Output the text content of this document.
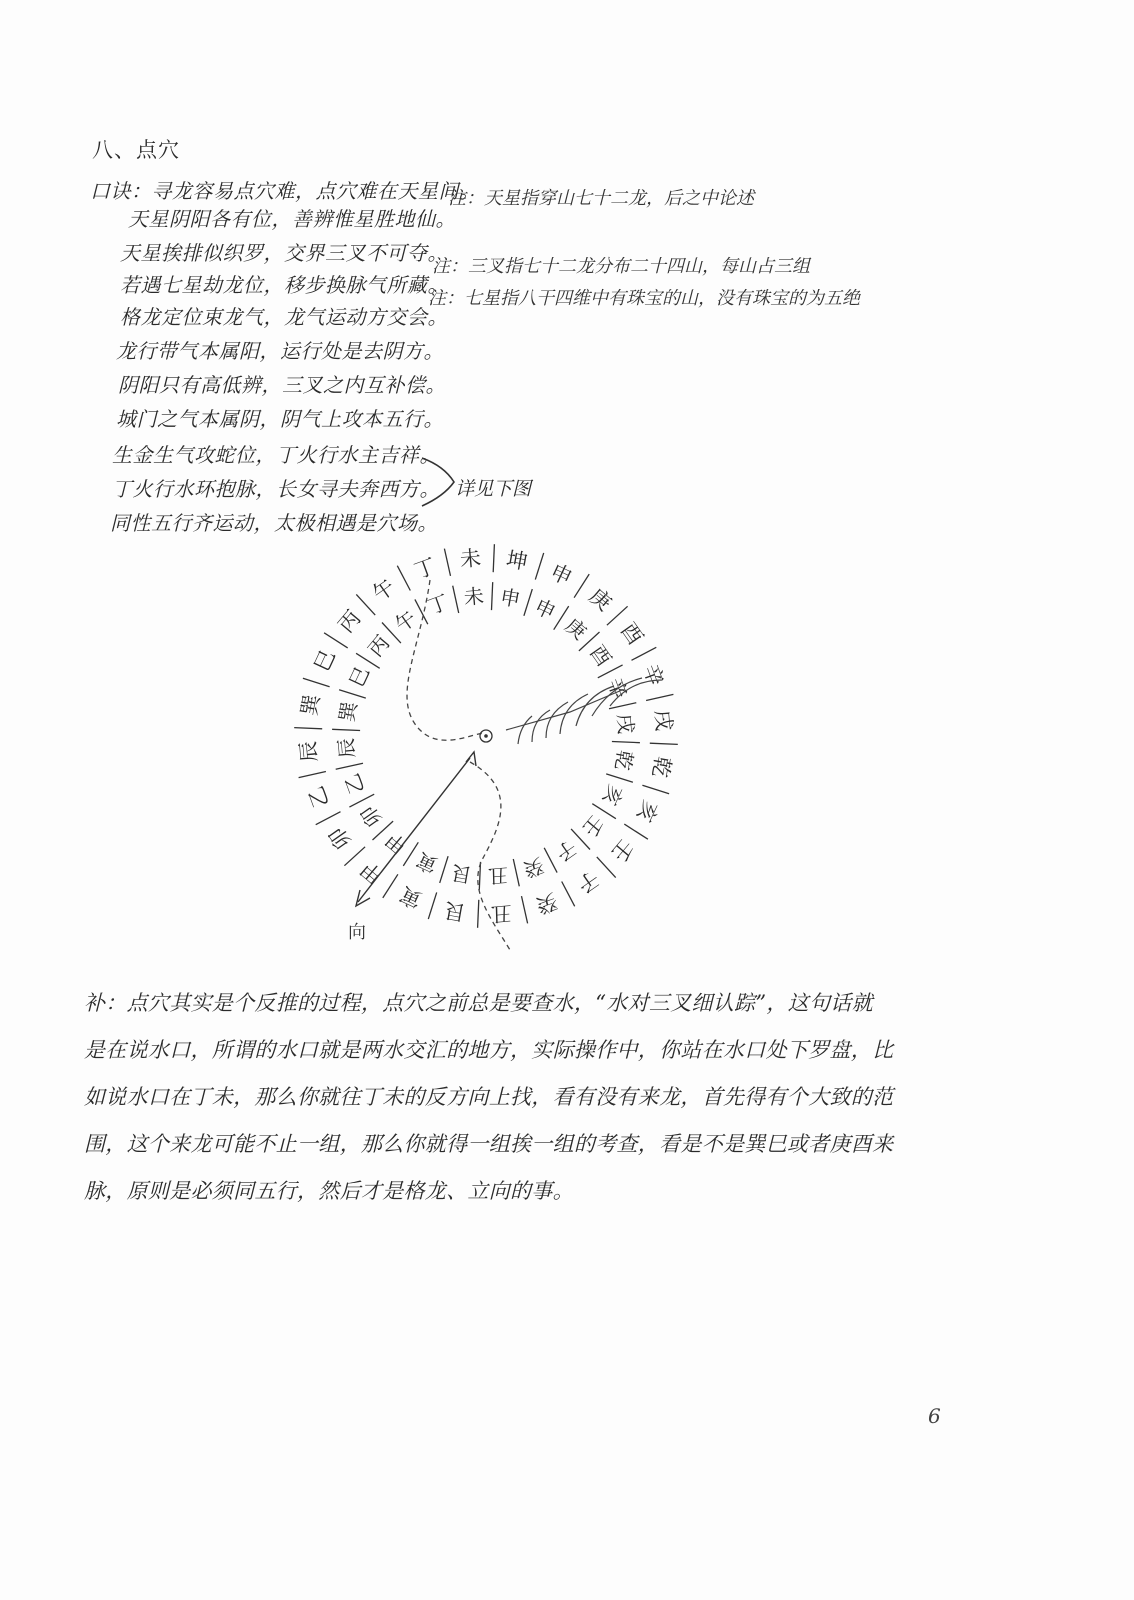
八、点穴
口诀：寻龙容易点穴难，点穴难在天星间。
天星阴阳各有位，善辨惟星胜地仙。
天星挨排似织罗，交界三叉不可夺。
若遇七星劫龙位，移步换脉气所藏。
格龙定位束龙气，龙气运动方交会。
龙行带气本属阳，运行处是去阴方。
阴阳只有高低辨，三叉之内互补偿。
城门之气本属阴，阴气上攻本五行。
生金生气攻蛇位，丁火行水主吉祥。
丁火行水环抱脉，长女寻夫奔西方。
同性五行齐运动，太极相遇是穴场。
注：天星指穿山七十二龙，后之中论述
注：三叉指七十二龙分布二十四山，每山占三组
注：七星指八干四维中有珠宝的山，没有珠宝的为五绝
详见下图
坤 申
庚
酉
辛
戌
乾
亥
壬
子
癸
丑
艮
寅
甲
卯
乙
辰
巽
巳
丙
午
丁 未
申 申
庚
酉
辛
戌
乾
亥
壬
子
癸
丑
艮
寅
甲
卯
乙
辰
巽
巳
丙
午
丁 未
向
补：点穴其实是个反推的过程，点穴之前总是要查水，“水对三叉细认踪”，这句话就
是在说水口，所谓的水口就是两水交汇的地方，实际操作中，你站在水口处下罗盘，比
如说水口在丁未，那么你就往丁未的反方向上找，看有没有来龙，首先得有个大致的范
围，这个来龙可能不止一组，那么你就得一组挨一组的考查，看是不是巽巳或者庚酉来
脉，原则是必须同五行，然后才是格龙、立向的事。
6
